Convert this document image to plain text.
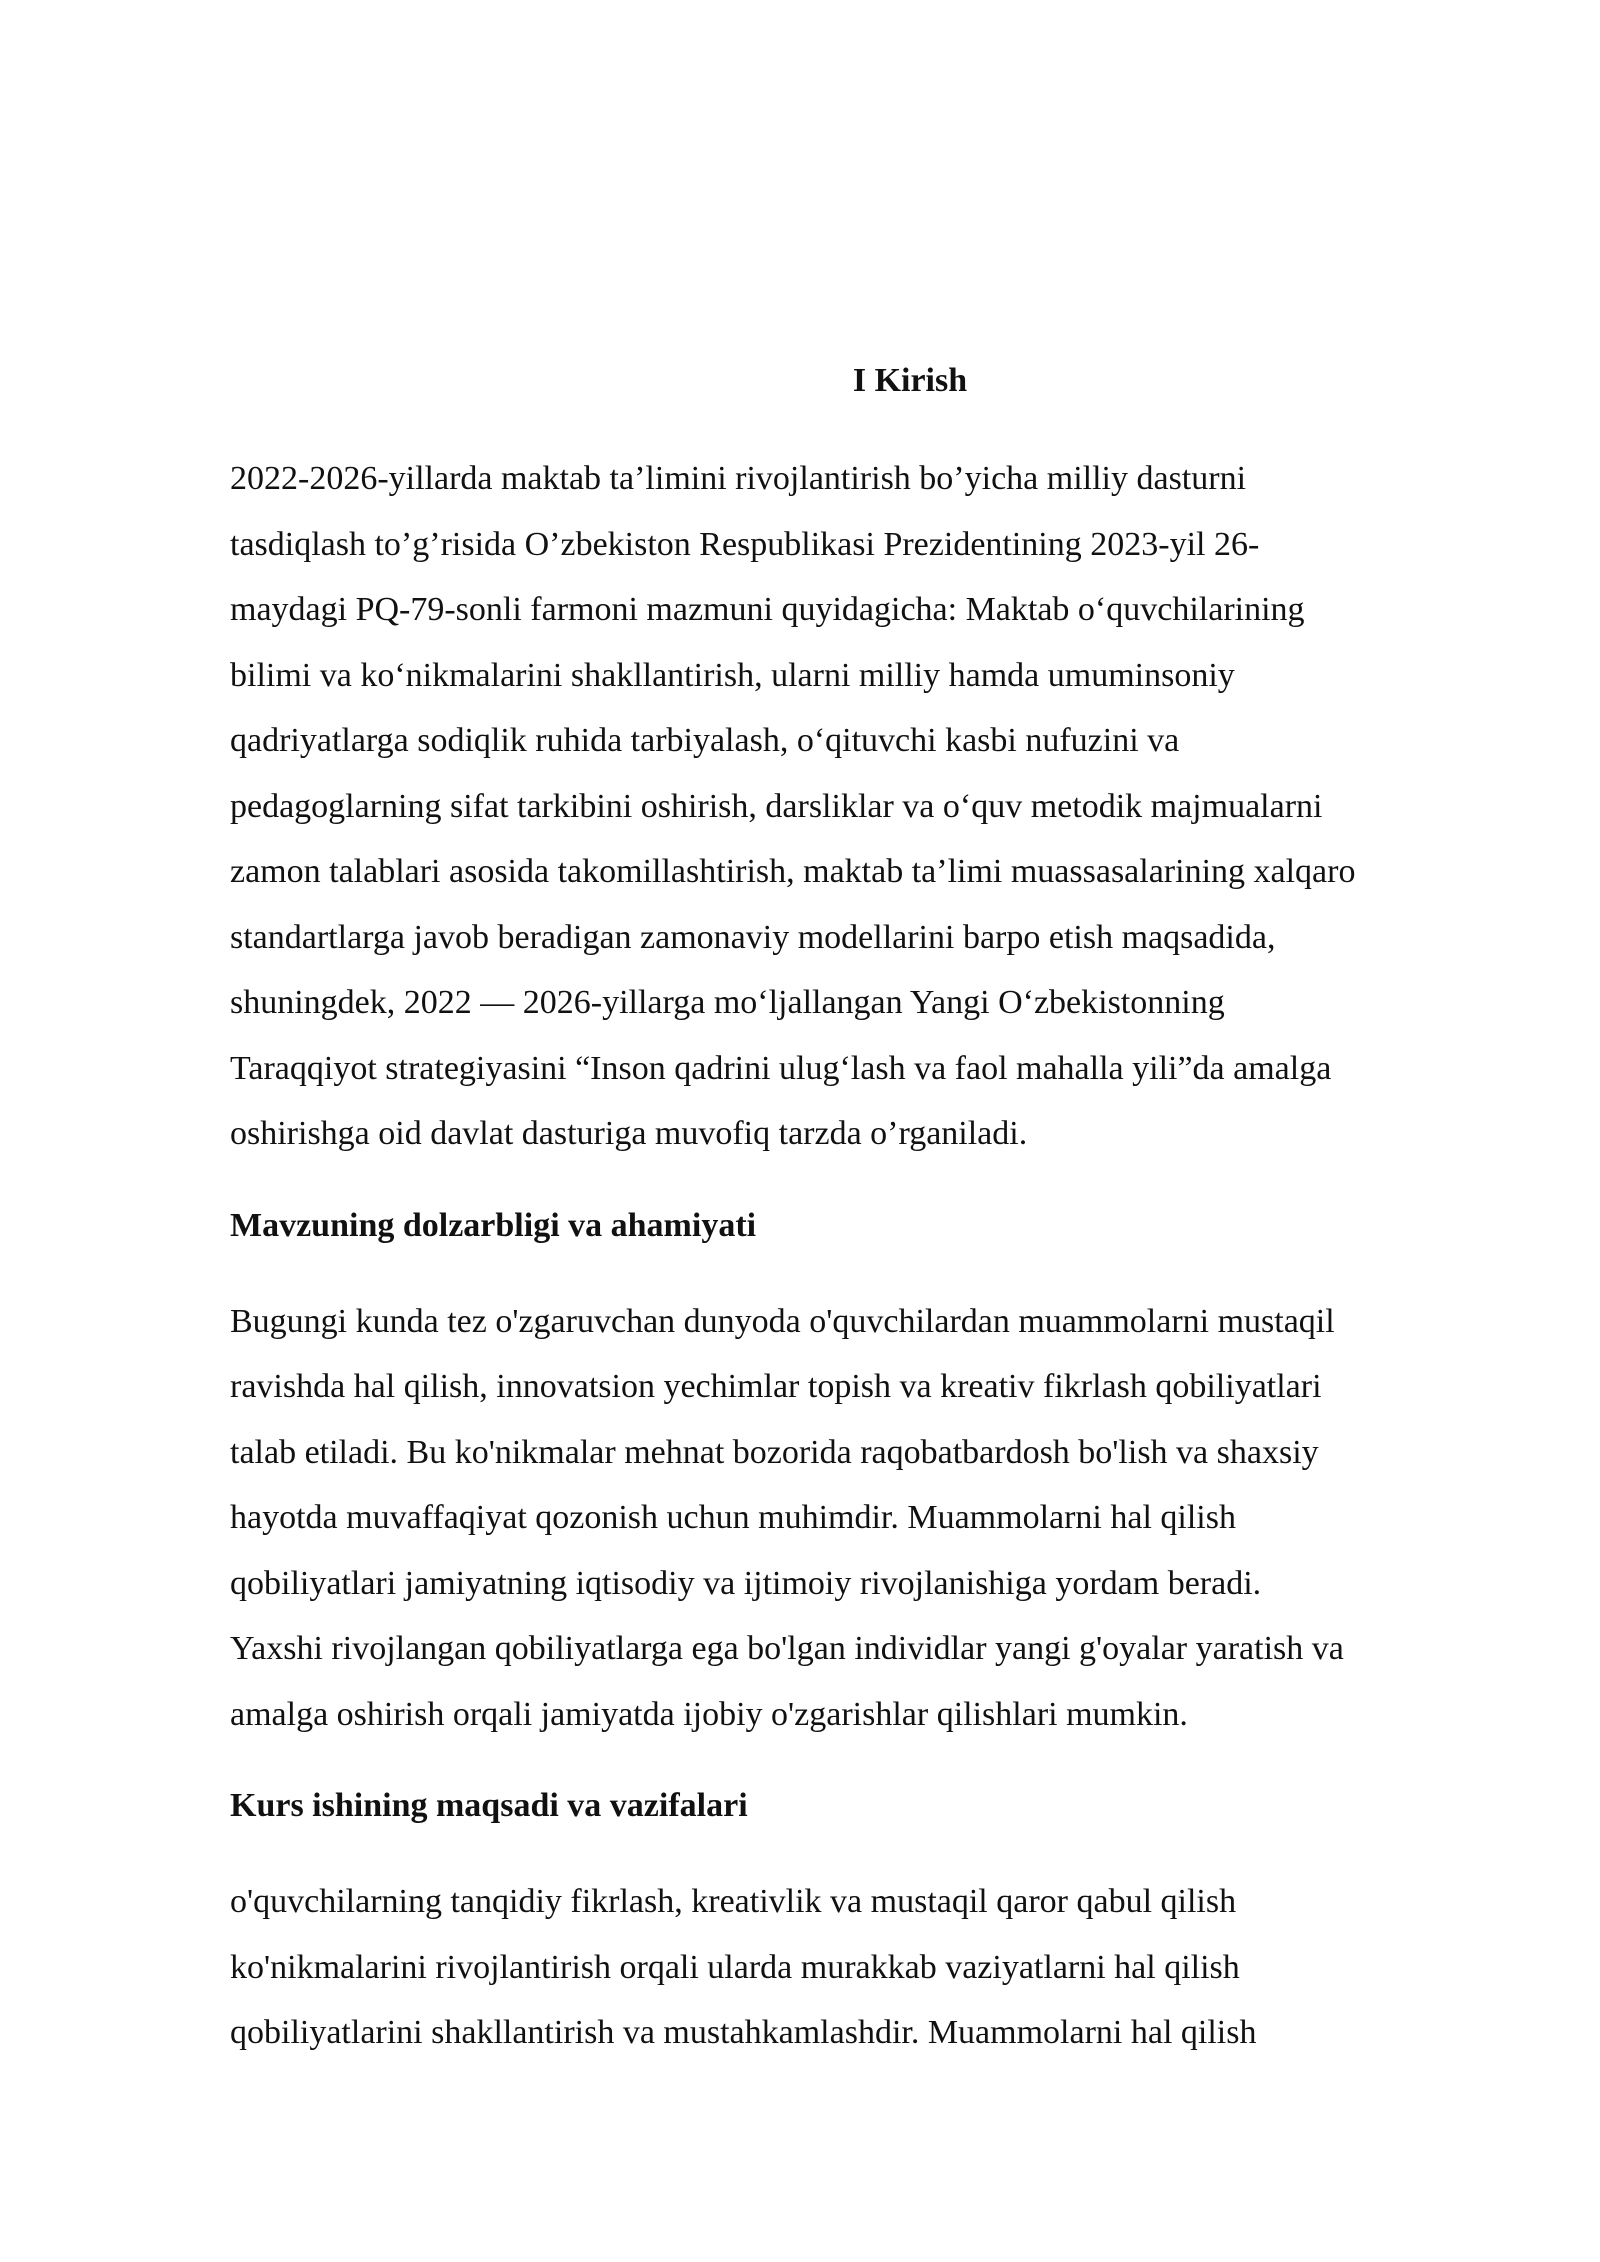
I Kirish

2022-2026-yillarda maktab ta’limini rivojlantirish bo’yicha milliy dasturni

tasdiqlash to’g’risida O’zbekiston Respublikasi Prezidentining 2023-yil 26-

maydagi PQ-79-sonli farmoni mazmuni quyidagicha: Maktab o‘quvchilarining

bilimi va ko‘nikmalarini shakllantirish, ularni milliy hamda umuminsoniy

qadriyatlarga sodiqlik ruhida tarbiyalash, o‘qituvchi kasbi nufuzini va

pedagoglarning sifat tarkibini oshirish, darsliklar va o‘quv metodik majmualarni

zamon talablari asosida takomillashtirish, maktab ta’limi muassasalarining xalqaro

standartlarga javob beradigan zamonaviy modellarini barpo etish maqsadida,

shuningdek, 2022 — 2026-yillarga mo‘ljallangan Yangi O‘zbekistonning

Taraqqiyot strategiyasini “Inson qadrini ulug‘lash va faol mahalla yili”da amalga

oshirishga oid davlat dasturiga muvofiq tarzda o’rganiladi.

Mavzuning dolzarbligi va ahamiyati

Bugungi kunda tez o'zgaruvchan dunyoda o'quvchilardan muammolarni mustaqil

ravishda hal qilish, innovatsion yechimlar topish va kreativ fikrlash qobiliyatlari

talab etiladi. Bu ko'nikmalar mehnat bozorida raqobatbardosh bo'lish va shaxsiy

hayotda muvaffaqiyat qozonish uchun muhimdir. Muammolarni hal qilish

qobiliyatlari jamiyatning iqtisodiy va ijtimoiy rivojlanishiga yordam beradi.

Yaxshi rivojlangan qobiliyatlarga ega bo'lgan individlar yangi g'oyalar yaratish va

amalga oshirish orqali jamiyatda ijobiy o'zgarishlar qilishlari mumkin.

Kurs ishining maqsadi va vazifalari

o'quvchilarning tanqidiy fikrlash, kreativlik va mustaqil qaror qabul qilish

ko'nikmalarini rivojlantirish orqali ularda murakkab vaziyatlarni hal qilish

qobiliyatlarini shakllantirish va mustahkamlashdir. Muammolarni hal qilish
